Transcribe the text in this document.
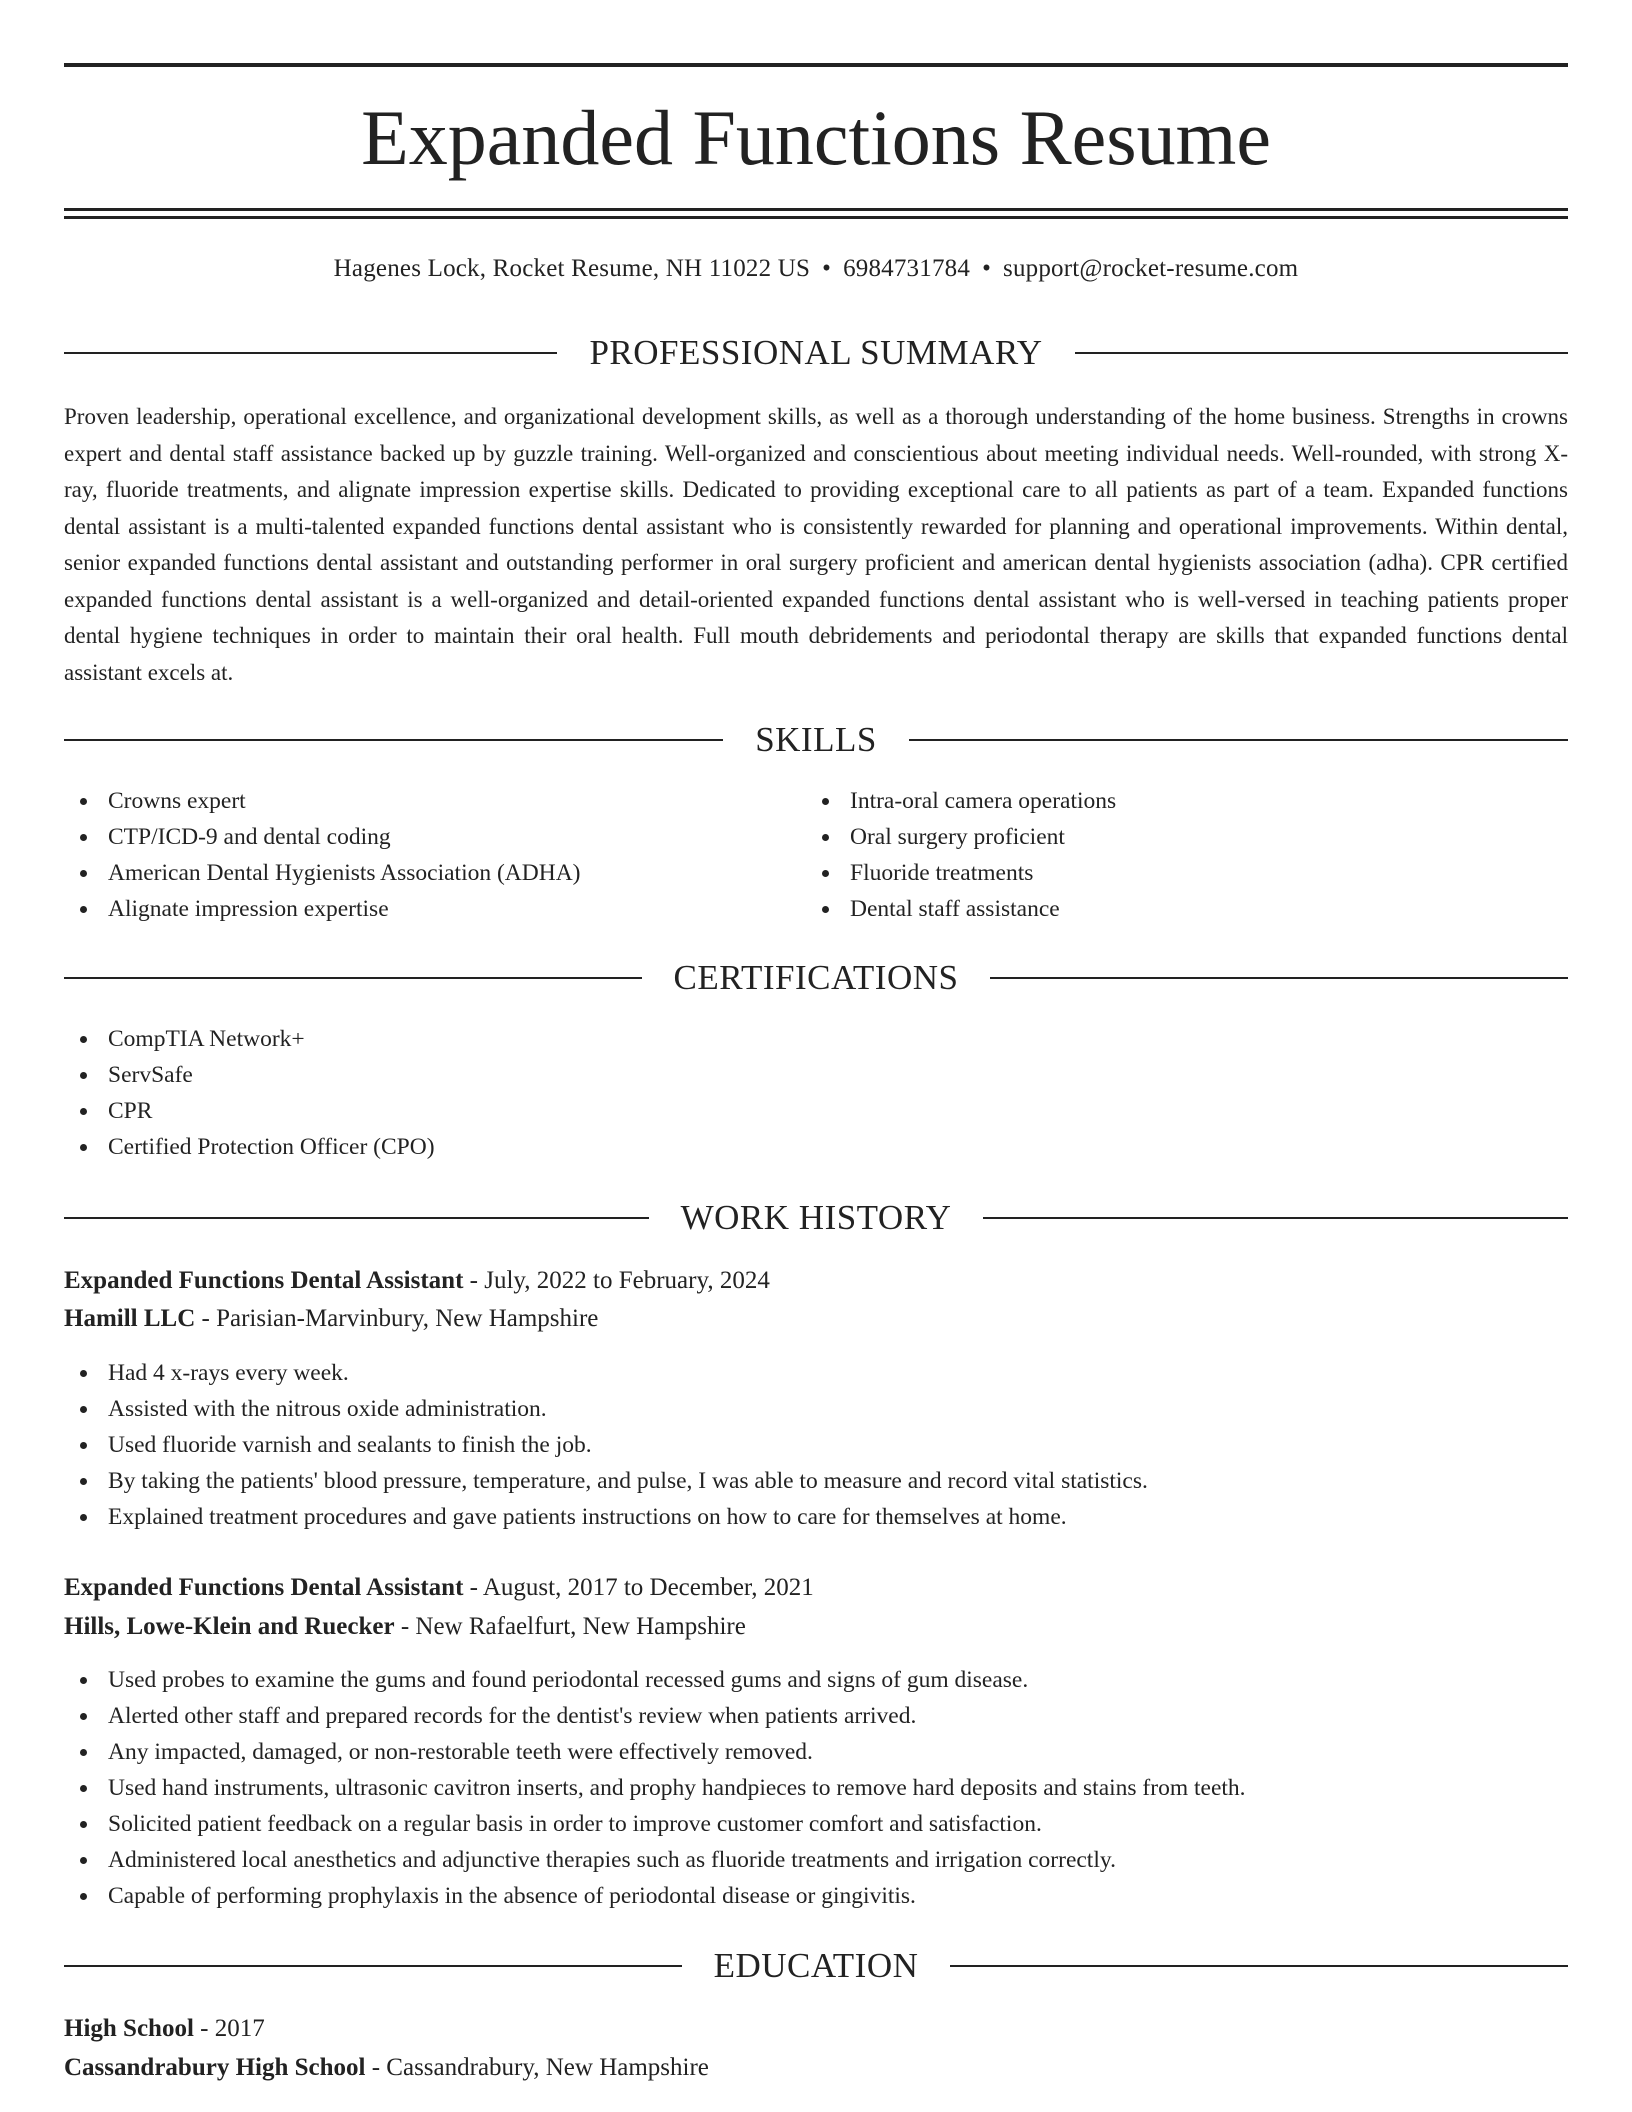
Expanded Functions Resume
Hagenes Lock, Rocket Resume, NH 11022 US • 6984731784 • support@rocket-resume.com
PROFESSIONAL SUMMARY
Proven leadership, operational excellence, and organizational development skills, as well as a thorough understanding of the home business. Strengths in crowns expert and dental staff assistance backed up by guzzle training. Well-organized and conscientious about meeting individual needs. Well-rounded, with strong X-ray, fluoride treatments, and alignate impression expertise skills. Dedicated to providing exceptional care to all patients as part of a team. Expanded functions dental assistant is a multi-talented expanded functions dental assistant who is consistently rewarded for planning and operational improvements. Within dental, senior expanded functions dental assistant and outstanding performer in oral surgery proficient and american dental hygienists association (adha). CPR certified expanded functions dental assistant is a well-organized and detail-oriented expanded functions dental assistant who is well-versed in teaching patients proper dental hygiene techniques in order to maintain their oral health. Full mouth debridements and periodontal therapy are skills that expanded functions dental assistant excels at.
SKILLS
Crowns expert
CTP/ICD-9 and dental coding
American Dental Hygienists Association (ADHA)
Alignate impression expertise
Intra-oral camera operations
Oral surgery proficient
Fluoride treatments
Dental staff assistance
CERTIFICATIONS
CompTIA Network+
ServSafe
CPR
Certified Protection Officer (CPO)
WORK HISTORY
Expanded Functions Dental Assistant - July, 2022 to February, 2024
Hamill LLC - Parisian-Marvinbury, New Hampshire
Had 4 x-rays every week.
Assisted with the nitrous oxide administration.
Used fluoride varnish and sealants to finish the job.
By taking the patients' blood pressure, temperature, and pulse, I was able to measure and record vital statistics.
Explained treatment procedures and gave patients instructions on how to care for themselves at home.
Expanded Functions Dental Assistant - August, 2017 to December, 2021
Hills, Lowe-Klein and Ruecker - New Rafaelfurt, New Hampshire
Used probes to examine the gums and found periodontal recessed gums and signs of gum disease.
Alerted other staff and prepared records for the dentist's review when patients arrived.
Any impacted, damaged, or non-restorable teeth were effectively removed.
Used hand instruments, ultrasonic cavitron inserts, and prophy handpieces to remove hard deposits and stains from teeth.
Solicited patient feedback on a regular basis in order to improve customer comfort and satisfaction.
Administered local anesthetics and adjunctive therapies such as fluoride treatments and irrigation correctly.
Capable of performing prophylaxis in the absence of periodontal disease or gingivitis.
EDUCATION
High School - 2017
Cassandrabury High School - Cassandrabury, New Hampshire
